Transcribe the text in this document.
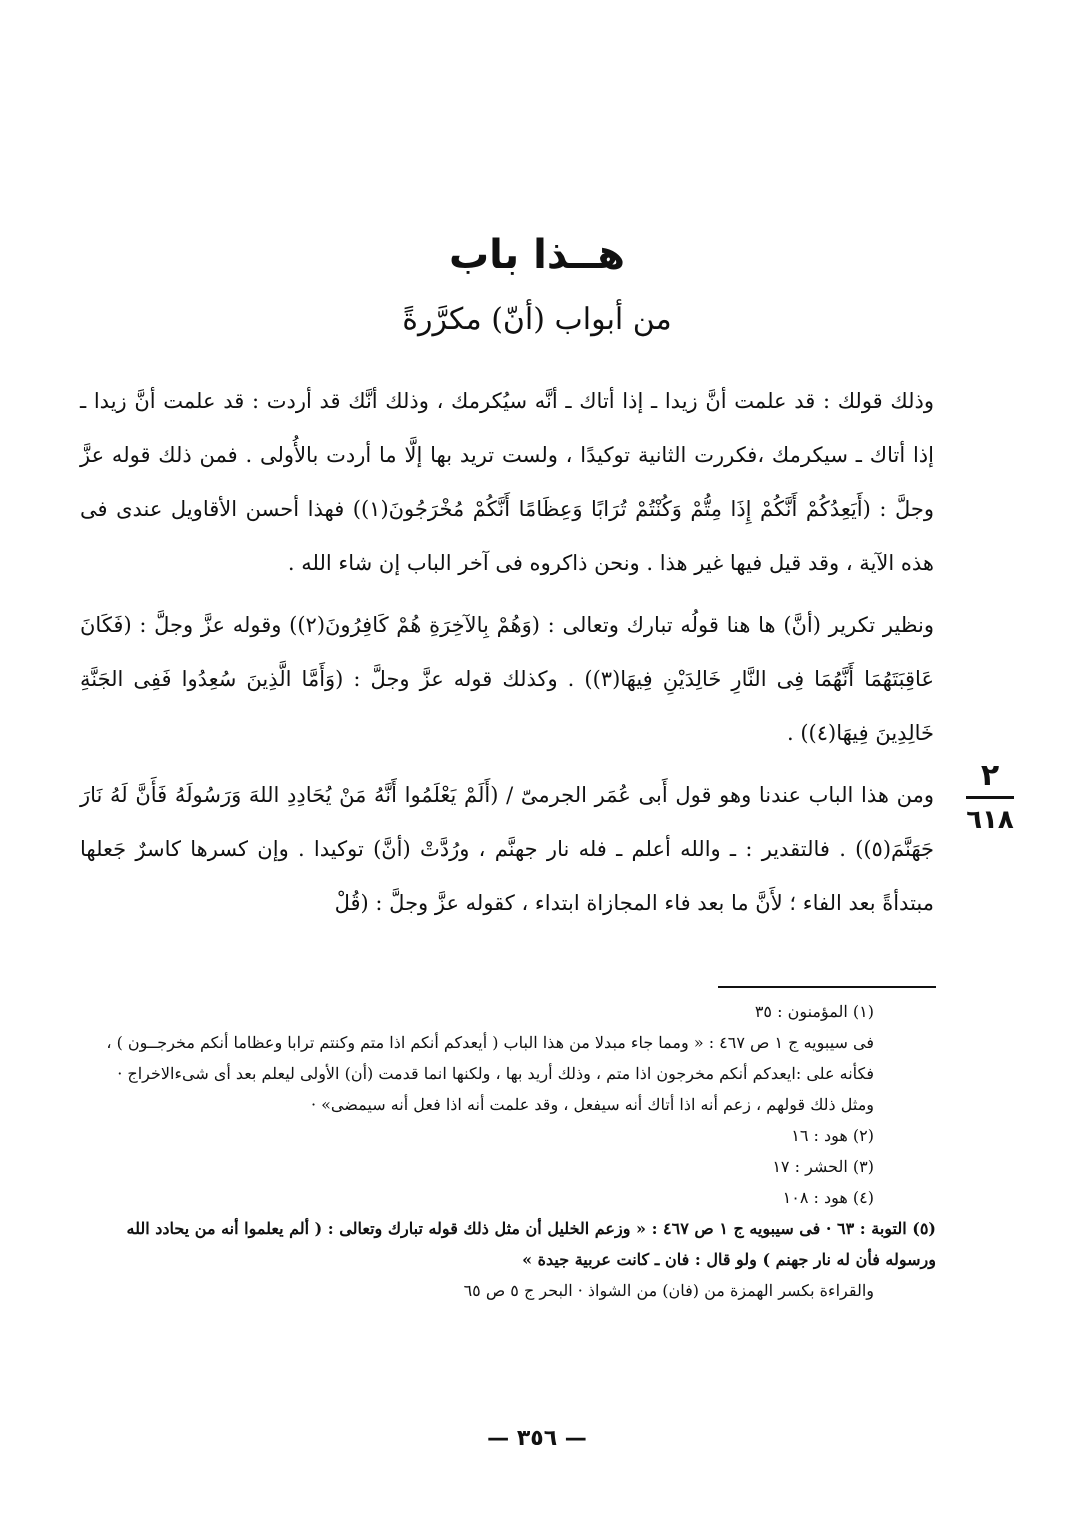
هــذا باب
من أبواب (أنّ) مكرَّرةً

وذلك قولك : قد علمت أنَّ زيدا ـ إذا أتاك ـ أنَّه سيُكرمك ، وذلك أنَّك قد أردت : قد علمت أنَّ زيدا ـ إذا أتاك ـ سيكرمك ،فكررت الثانية توكيدًا ، ولست تريد بها إلَّا ما أردت بالأُولى . فمن ذلك قوله عزَّ وجلَّ : (أَيَعِدُكُمْ أَنَّكُمْ إِذَا مِتُّمْ وَكُنْتُمْ تُرَابًا وَعِظَامًا أَنَّكُمْ مُخْرَجُونَ(١)) فهذا أحسن الأقاويل عندى فى هذه الآية ، وقد قيل فيها غير هذا . ونحن ذاكروه فى آخر الباب إن شاء الله .

ونظير تكرير (أنَّ) ها هنا قولُه تبارك وتعالى : (وَهُمْ بِالآخِرَةِ هُمْ كَافِرُونَ(٢)) وقوله عزَّ وجلَّ : (فَكَانَ عَاقِبَتَهُمَا أَنَّهُمَا فِى النَّارِ خَالِدَيْنِ فِيهَا(٣)) . وكذلك قوله عزَّ وجلَّ : (وَأَمَّا الَّذِينَ سُعِدُوا فَفِى الجَنَّةِ خَالِدِينَ فِيهَا(٤)) .

ومن هذا الباب عندنا وهو قول أَبى عُمَر الجرمىّ / (أَلَمْ يَعْلَمُوا أَنَّهُ مَنْ يُحَادِدِ اللهَ وَرَسُولَهُ فَأَنَّ لَهُ نَارَ جَهَنَّمَ(٥)) . فالتقدير : ـ والله أعلم ـ فله نار جهنَّم ، ورُدَّتْ (أنَّ) توكيدا . وإن كسرها كاسرٌ جَعلها مبتدأةً بعد الفاء ؛ لأَنَّ ما بعد فاء المجازاة ابتداء ، كقوله عزَّ وجلَّ : (قُلْ

٢
٦١٨

(١) المؤمنون : ٣٥

فى سيبويه ج ١ ص ٤٦٧ : « ومما جاء مبدلا من هذا الباب ( أيعدكم أنكم اذا متم وكنتم ترابا وعظاما أنكم مخرجــون ) ، فكأنه على :ايعدكم أنكم مخرجون اذا متم ، وذلك أريد بها ، ولكنها انما قدمت (أن) الأولى ليعلم بعد أى شىءالاخراج · ومثل ذلك قولهم ، زعم أنه اذا أتاك أنه سيفعل ، وقد علمت أنه اذا فعل أنه سيمضى» ·

(٢) هود : ١٦

(٣) الحشر : ١٧

(٤) هود : ١٠٨

(٥) التوبة : ٦٣ · فى سيبويه ج ١ ص ٤٦٧ : « وزعم الخليل أن مثل ذلك قوله تبارك وتعالى : ( ألم يعلموا أنه من يحادد الله ورسوله فأن له نار جهنم ) ولو قال : فان ـ كانت عربية جيدة »

والقراءة بكسر الهمزة من (فان) من الشواذ · البحر ج ٥ ص ٦٥

— ٣٥٦ —
